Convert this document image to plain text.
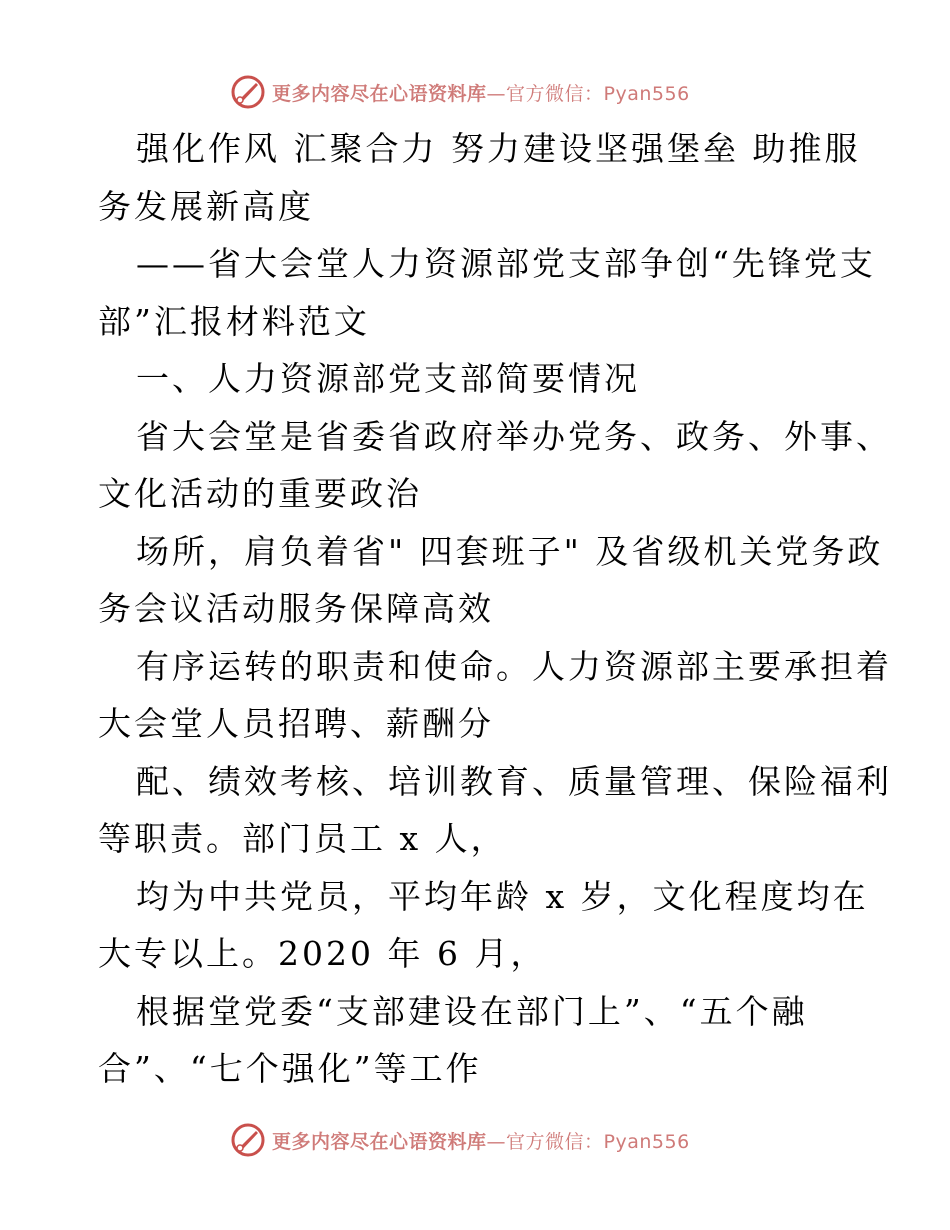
更多内容尽在心语资料库—官方微信：Pyan556

强化作风 汇聚合力 努力建设坚强堡垒 助推服
务发展新高度

——省大会堂人力资源部党支部争创“先锋党支
部”汇报材料范文

一、人力资源部党支部简要情况

省大会堂是省委省政府举办党务、政务、外事、
文化活动的重要政治

场所，肩负着省" 四套班子" 及省级机关党务政
务会议活动服务保障高效

有序运转的职责和使命。人力资源部主要承担着
大会堂人员招聘、薪酬分

配、绩效考核、培训教育、质量管理、保险福利
等职责。部门员工 x 人，

均为中共党员，平均年龄 x 岁，文化程度均在
大专以上。2020 年 6 月，

根据堂党委“支部建设在部门上”、“五个融
合”、“七个强化”等工作

更多内容尽在心语资料库—官方微信：Pyan556
